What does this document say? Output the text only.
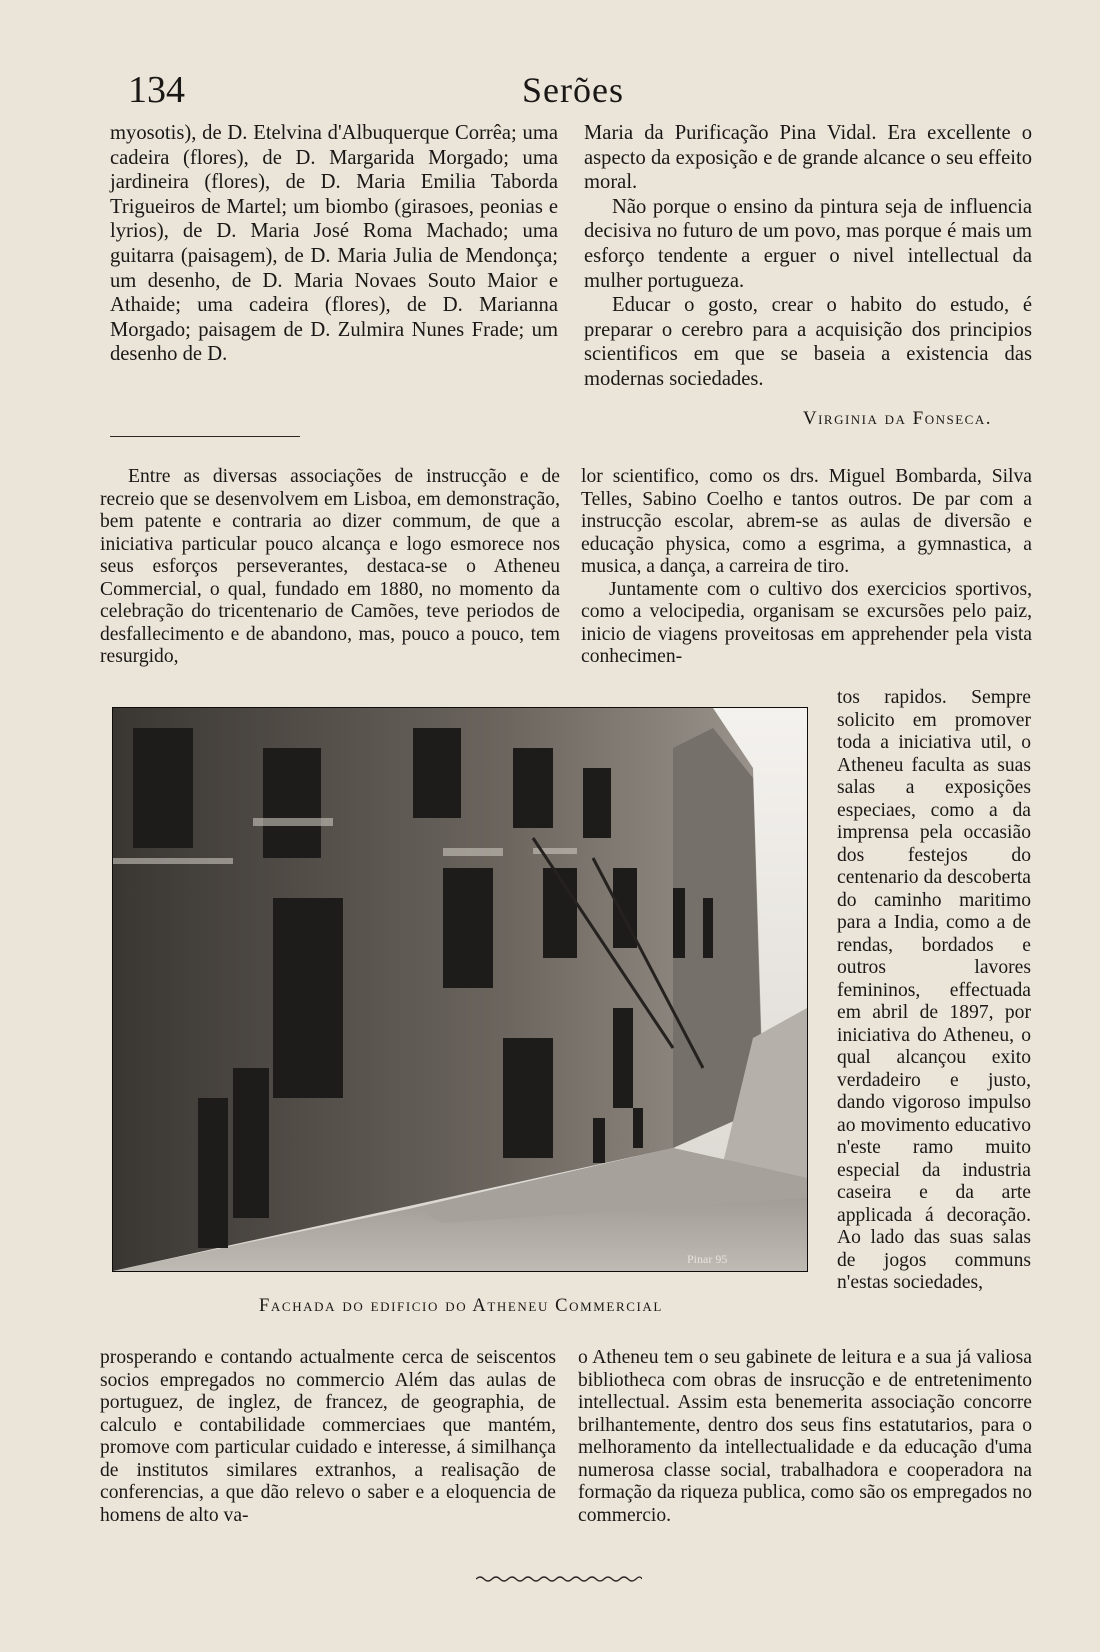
134	Serões

myosotis), de D. Etelvina d'Albuquerque Corrêa; uma cadeira (flores), de D. Margarida Morgado; uma jardineira (flores), de D. Maria Emilia Taborda Trigueiros de Martel; um biombo (girasoes, peonias e lyrios), de D. Maria José Roma Machado; uma guitarra (paisagem), de D. Maria Julia de Mendonça; um desenho, de D. Maria Novaes Souto Maior e Athaide; uma cadeira (flores), de D. Marianna Morgado; paisagem de D. Zulmira Nunes Frade; um desenho de D.

Maria da Purificação Pina Vidal. Era excellente o aspecto da exposição e de grande alcance o seu effeito moral.

Não porque o ensino da pintura seja de influencia decisiva no futuro de um povo, mas porque é mais um esforço tendente a erguer o nivel intellectual da mulher portugueza.

Educar o gosto, crear o habito do estudo, é preparar o cerebro para a acquisição dos principios scientificos em que se baseia a existencia das modernas sociedades.

Virginia da Fonseca.

Entre as diversas associações de instrucção e de recreio que se desenvolvem em Lisboa, em demonstração, bem patente e contraria ao dizer commum, de que a iniciativa particular pouco alcança e logo esmorece nos seus esforços perseverantes, destaca-se o Atheneu Commercial, o qual, fundado em 1880, no momento da celebração do tricentenario de Camões, teve periodos de desfallecimento e de abandono, mas, pouco a pouco, tem resurgido,

lor scientifico, como os drs. Miguel Bombarda, Silva Telles, Sabino Coelho e tantos outros. De par com a instrucção escolar, abrem-se as aulas de diversão e educação physica, como a esgrima, a gymnastica, a musica, a dança, a carreira de tiro.

Juntamente com o cultivo dos exercicios sportivos, como a velocipedia, organisam se excursões pelo paiz, inicio de viagens proveitosas em apprehender pela vista conhecimen-

Pinar 95

tos rapidos. Sempre solicito em promover toda a iniciativa util, o Atheneu faculta as suas salas a exposições especiaes, como a da imprensa pela occasião dos festejos do centenario da descoberta do caminho maritimo para a India, como a de rendas, bordados e outros lavores femininos, effectuada em abril de 1897, por iniciativa do Atheneu, o qual alcançou exito verdadeiro e justo, dando vigoroso impulso ao movimento educativo n'este ramo muito especial da industria caseira e da arte applicada á decoração. Ao lado das suas salas de jogos communs n'estas sociedades,

Fachada do edificio do Atheneu Commercial

prosperando e contando actualmente cerca de seiscentos socios empregados no commercio Além das aulas de portuguez, de inglez, de francez, de geographia, de calculo e contabilidade commerciaes que mantém, promove com particular cuidado e interesse, á similhança de institutos similares extranhos, a realisação de conferencias, a que dão relevo o saber e a eloquencia de homens de alto va-

o Atheneu tem o seu gabinete de leitura e a sua já valiosa bibliotheca com obras de insrucção e de entretenimento intellectual. Assim esta benemerita associação concorre brilhantemente, dentro dos seus fins estatutarios, para o melhoramento da intellectualidade e da educação d'uma numerosa classe social, trabalhadora e cooperadora na formação da riqueza publica, como são os empregados no commercio.
